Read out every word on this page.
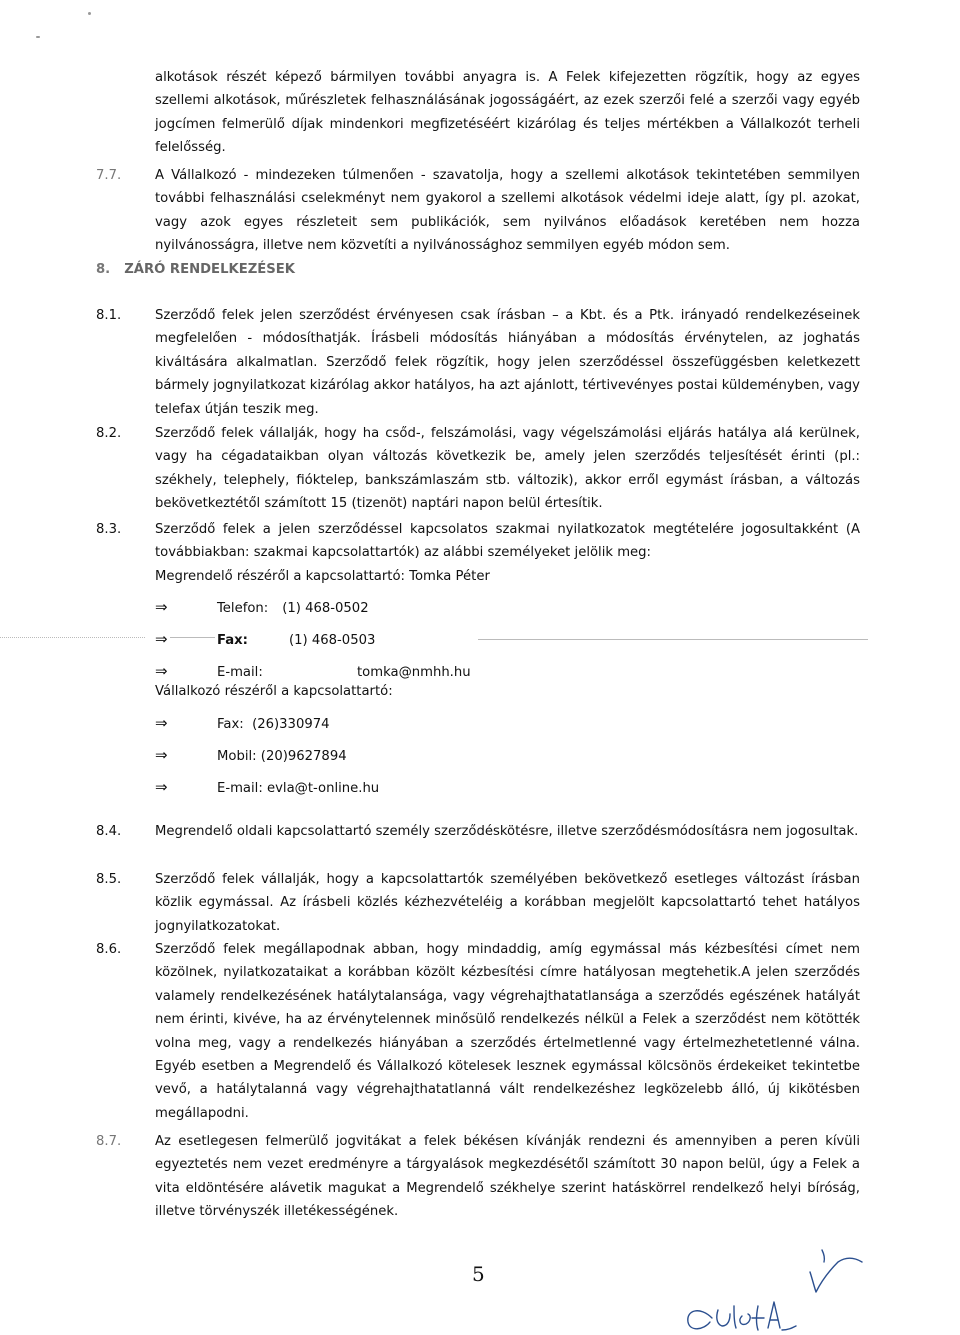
alkotások részét képező bármilyen további anyagra is. A Felek kifejezetten rögzítik, hogy az egyes szellemi alkotások, műrészletek felhasználásának jogosságáért, az ezek szerzői felé a szerzői vagy egyéb jogcímen felmerülő díjak mindenkori megfizetéséért kizárólag és teljes mértékben a Vállalkozót terheli felelősség.
7.7.	A Vállalkozó - mindezeken túlmenően - szavatolja, hogy a szellemi alkotások tekintetében semmilyen további felhasználási cselekményt nem gyakorol a szellemi alkotások védelmi ideje alatt, így pl. azokat, vagy azok egyes részleteit sem publikációk, sem nyilvános előadások keretében nem hozza nyilvánosságra, illetve nem közvetíti a nyilvánossághoz semmilyen egyéb módon sem.
8. ZÁRÓ RENDELKEZÉSEK
8.1.	Szerződő felek jelen szerződést érvényesen csak írásban – a Kbt. és a Ptk. irányadó rendelkezéseinek megfelelően - módosíthatják. Írásbeli módosítás hiányában a módosítás érvénytelen, az joghatás kiváltására alkalmatlan. Szerződő felek rögzítik, hogy jelen szerződéssel összefüggésben keletkezett bármely jognyilatkozat kizárólag akkor hatályos, ha azt ajánlott, tértivevényes postai küldeményben, vagy telefax útján teszik meg.
8.2.	Szerződő felek vállalják, hogy ha csőd-, felszámolási, vagy végelszámolási eljárás hatálya alá kerülnek, vagy ha cégadataikban olyan változás következik be, amely jelen szerződés teljesítését érinti (pl.: székhely, telephely, fióktelep, bankszámlaszám stb. változik), akkor erről egymást írásban, a változás bekövetkeztétől számított 15 (tizenöt) naptári napon belül értesítik.
8.3.	Szerződő felek a jelen szerződéssel kapcsolatos szakmai nyilatkozatok megtételére jogosultakként (A továbbiakban: szakmai kapcsolattartók) az alábbi személyeket jelölik meg:
Megrendelő részéről a kapcsolattartó: Tomka Péter
⇒	Telefon: (1) 468-0502
⇒	Fax:	(1) 468-0503
⇒	E-mail:	tomka@nmhh.hu
Vállalkozó részéről a kapcsolattartó:
⇒	Fax: (26)330974
⇒	Mobil: (20)9627894
⇒	E-mail: evla@t-online.hu
8.4.	Megrendelő oldali kapcsolattartó személy szerződéskötésre, illetve szerződésmódosításra nem jogosultak.
8.5.	Szerződő felek vállalják, hogy a kapcsolattartók személyében bekövetkező esetleges változást írásban közlik egymással. Az írásbeli közlés kézhezvételéig a korábban megjelölt kapcsolattartó tehet hatályos jognyilatkozatokat.
8.6.	Szerződő felek megállapodnak abban, hogy mindaddig, amíg egymással más kézbesítési címet nem közölnek, nyilatkozataikat a korábban közölt kézbesítési címre hatályosan megtehetik.A jelen szerződés valamely rendelkezésének hatálytalansága, vagy végrehajthatatlansága a szerződés egészének hatályát nem érinti, kivéve, ha az érvénytelennek minősülő rendelkezés nélkül a Felek a szerződést nem kötötték volna meg, vagy a rendelkezés hiányában a szerződés értelmetlenné vagy értelmezhetetlenné válna. Egyéb esetben a Megrendelő és Vállalkozó kötelesek lesznek egymással kölcsönös érdekeiket tekintetbe vevő, a hatálytalanná vagy végrehajthatatlanná vált rendelkezéshez legközelebb álló, új kikötésben megállapodni.
8.7.	Az esetlegesen felmerülő jogvitákat a felek békésen kívánják rendezni és amennyiben a peren kívüli egyeztetés nem vezet eredményre a tárgyalások megkezdésétől számított 30 napon belül, úgy a Felek a vita eldöntésére alávetik magukat a Megrendelő székhelye szerint hatáskörrel rendelkező helyi bíróság, illetve törvényszék illetékességének.
5
